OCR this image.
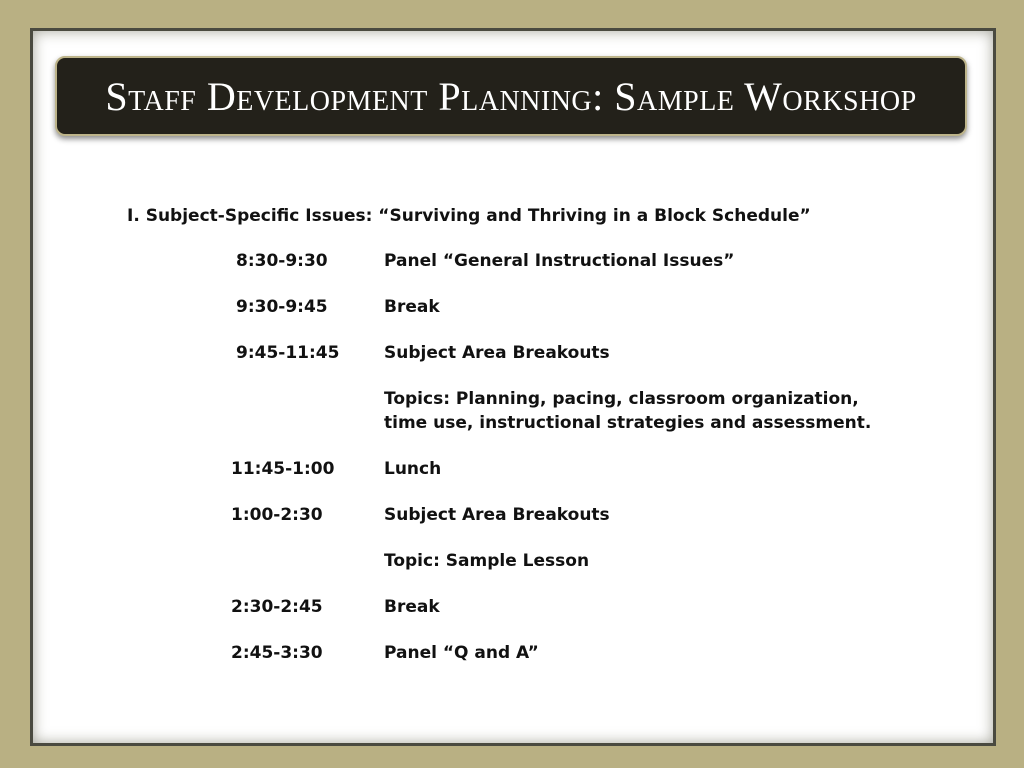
Staff Development Planning: Sample Workshop
I. Subject-Specific Issues: “Surviving and Thriving in a Block Schedule”
8:30-9:30	Panel “General Instructional Issues”
9:30-9:45	Break
9:45-11:45	Subject Area Breakouts
Topics: Planning, pacing, classroom organization, time use, instructional strategies and assessment.
11:45-1:00	Lunch
1:00-2:30	Subject Area Breakouts
Topic: Sample Lesson
2:30-2:45	Break
2:45-3:30	Panel “Q and A”
